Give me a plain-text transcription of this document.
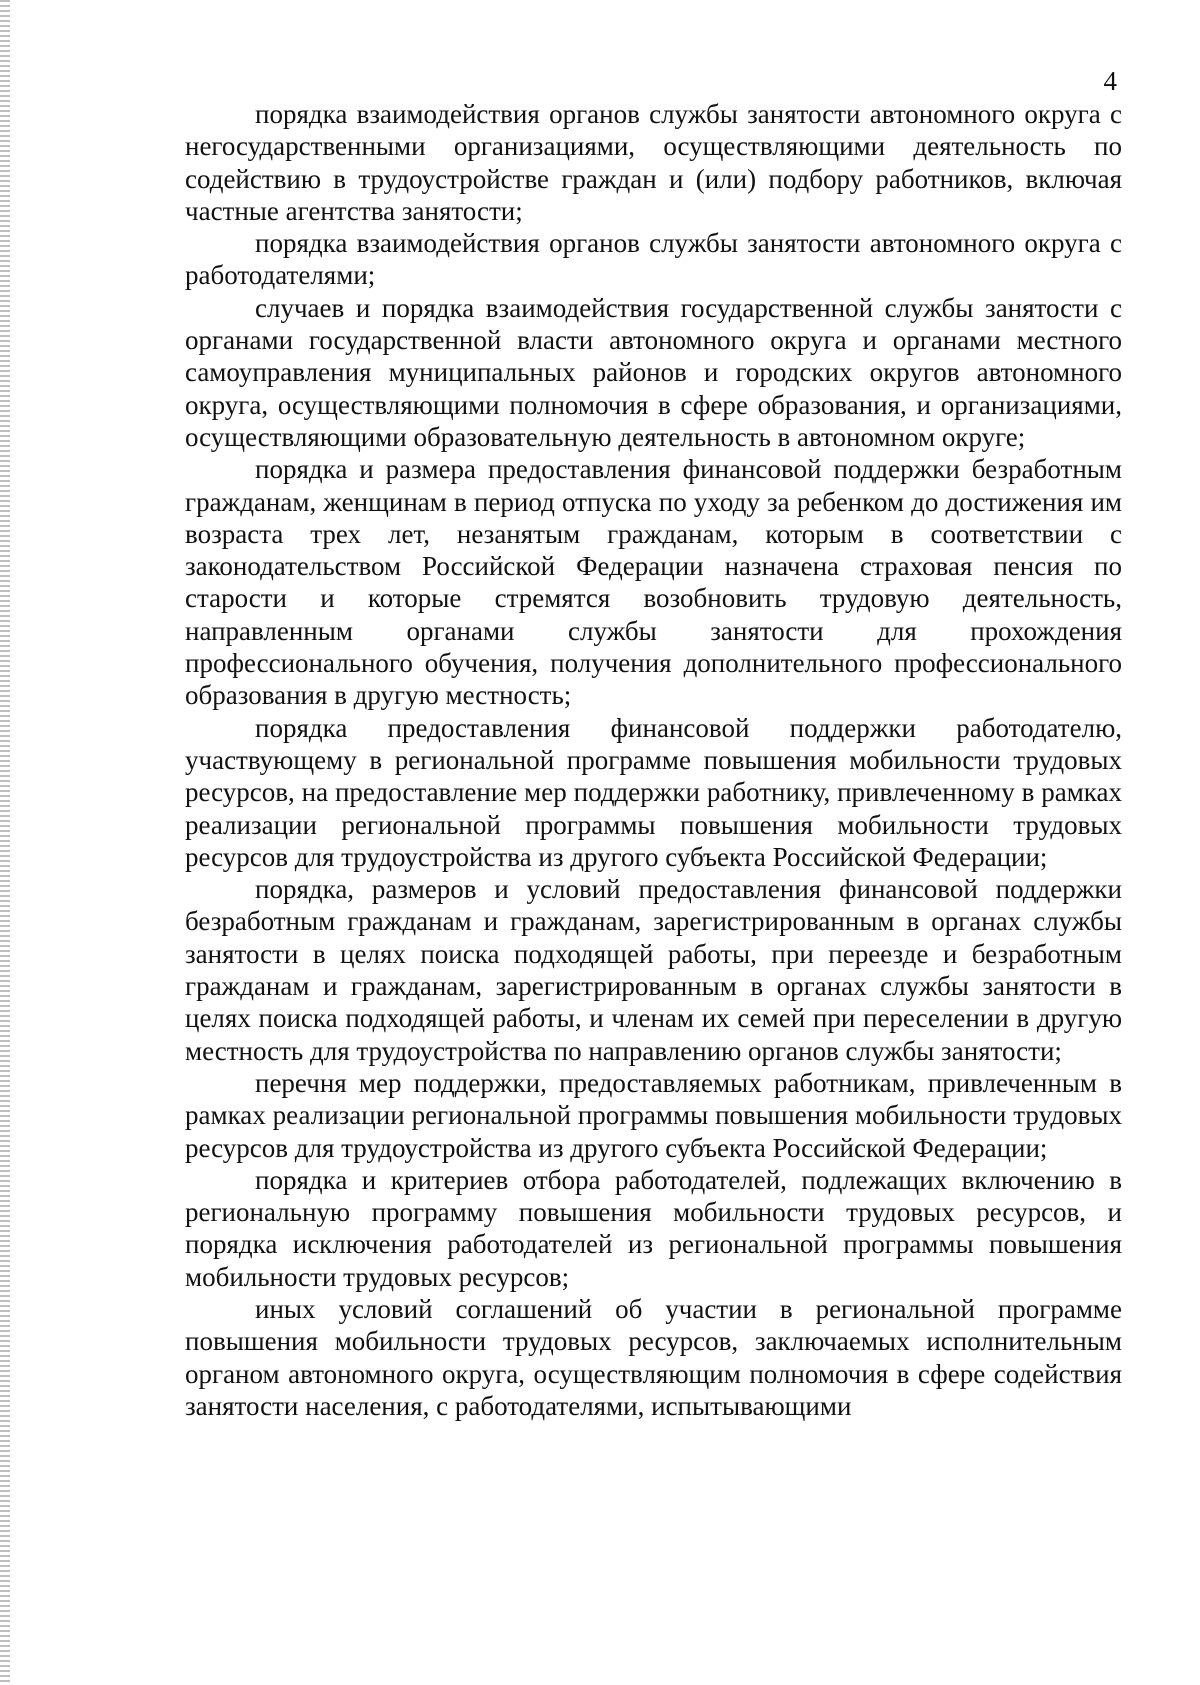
4

порядка взаимодействия органов службы занятости автономного округа с негосударственными организациями, осуществляющими деятельность по содействию в трудоустройстве граждан и (или) подбору работников, включая частные агентства занятости;

порядка взаимодействия органов службы занятости автономного округа с работодателями;

случаев и порядка взаимодействия государственной службы занятости с органами государственной власти автономного округа и органами местного самоуправления муниципальных районов и городских округов автономного округа, осуществляющими полномочия в сфере образования, и организациями, осуществляющими образовательную деятельность в автономном округе;

порядка и размера предоставления финансовой поддержки безработным гражданам, женщинам в период отпуска по уходу за ребенком до достижения им возраста трех лет, незанятым гражданам, которым в соответствии с законодательством Российской Федерации назначена страховая пенсия по старости и которые стремятся возобновить трудовую деятельность, направленным органами службы занятости для прохождения профессионального обучения, получения дополнительного профессионального образования в другую местность;

порядка предоставления финансовой поддержки работодателю, участвующему в региональной программе повышения мобильности трудовых ресурсов, на предоставление мер поддержки работнику, привлеченному в рамках реализации региональной программы повышения мобильности трудовых ресурсов для трудоустройства из другого субъекта Российской Федерации;

порядка, размеров и условий предоставления финансовой поддержки безработным гражданам и гражданам, зарегистрированным в органах службы занятости в целях поиска подходящей работы, при переезде и безработным гражданам и гражданам, зарегистрированным в органах службы занятости в целях поиска подходящей работы, и членам их семей при переселении в другую местность для трудоустройства по направлению органов службы занятости;

перечня мер поддержки, предоставляемых работникам, привлеченным в рамках реализации региональной программы повышения мобильности трудовых ресурсов для трудоустройства из другого субъекта Российской Федерации;

порядка и критериев отбора работодателей, подлежащих включению в региональную программу повышения мобильности трудовых ресурсов, и порядка исключения работодателей из региональной программы повышения мобильности трудовых ресурсов;

иных условий соглашений об участии в региональной программе повышения мобильности трудовых ресурсов, заключаемых исполнительным органом автономного округа, осуществляющим полномочия в сфере содействия занятости населения, с работодателями, испытывающими
